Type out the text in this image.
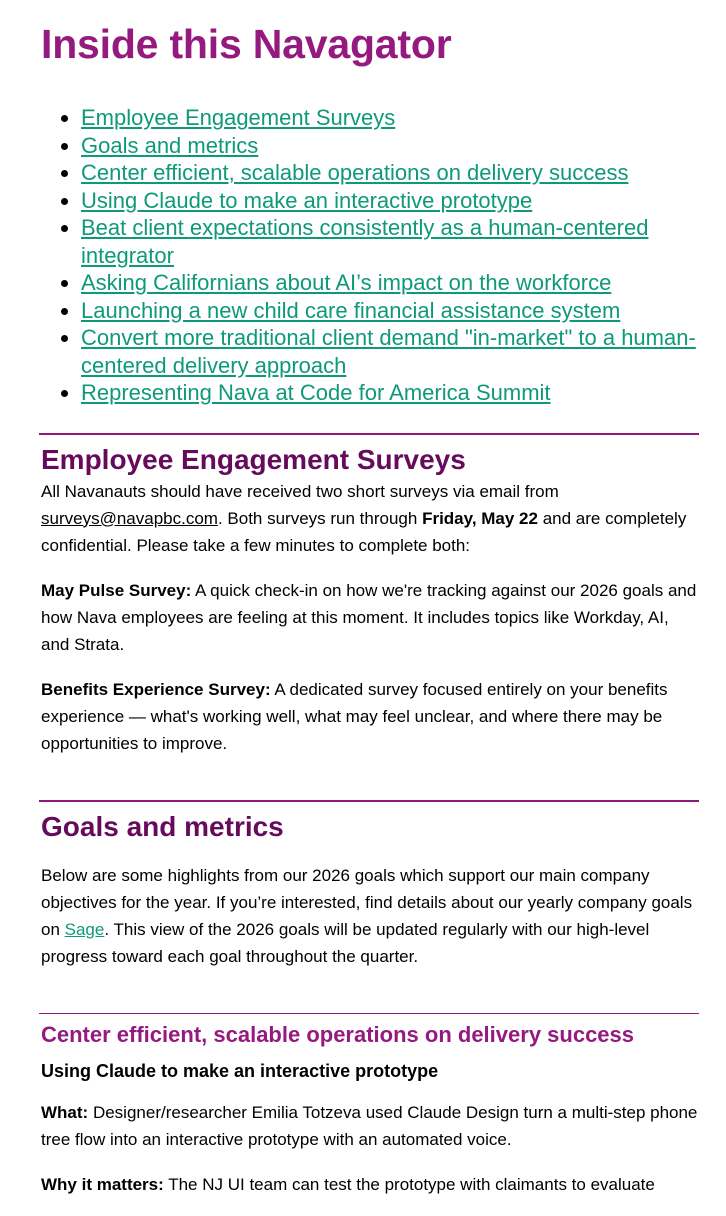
Inside this Navagator
• Employee Engagement Surveys
• Goals and metrics
• Center efficient, scalable operations on delivery success
• Using Claude to make an interactive prototype
• Beat client expectations consistently as a human-centered integrator
• Asking Californians about AI’s impact on the workforce
• Launching a new child care financial assistance system
• Convert more traditional client demand "in-market" to a human-centered delivery approach
• Representing Nava at Code for America Summit
Employee Engagement Surveys

All Navanauts should have received two short surveys via email from surveys@navapbc.com. Both surveys run through Friday, May 22 and are completely confidential. Please take a few minutes to complete both:

May Pulse Survey: A quick check-in on how we're tracking against our 2026 goals and how Nava employees are feeling at this moment. It includes topics like Workday, AI, and Strata.

Benefits Experience Survey: A dedicated survey focused entirely on your benefits experience — what's working well, what may feel unclear, and where there may be opportunities to improve.

Goals and metrics

Below are some highlights from our 2026 goals which support our main company objectives for the year. If you’re interested, find details about our yearly company goals on Sage. This view of the 2026 goals will be updated regularly with our high-level progress toward each goal throughout the quarter.

Center efficient, scalable operations on delivery success
Using Claude to make an interactive prototype

What: Designer/researcher Emilia Totzeva used Claude Design turn a multi-step phone tree flow into an interactive prototype with an automated voice.

Why it matters: The NJ UI team can test the prototype with claimants to evaluate
